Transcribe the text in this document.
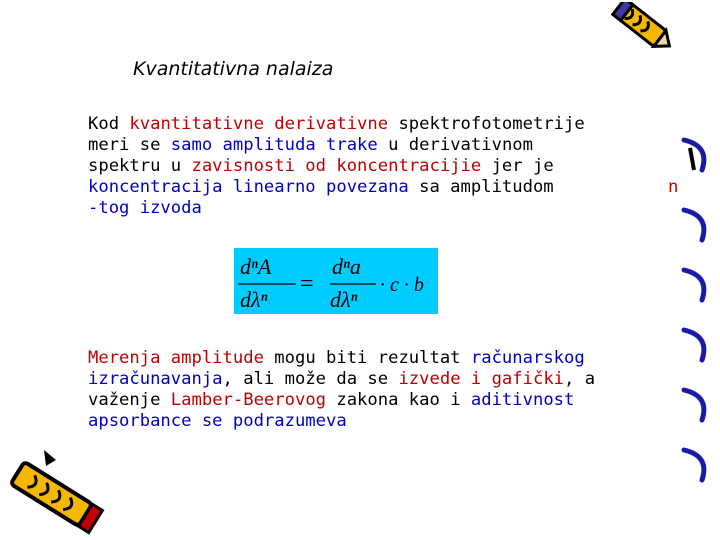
Kvantitativna nalaiza
Kod kvantitativne derivativne spektrofotometrije
meri se samo amplituda trake u derivativnom
spektru u zavisnosti od koncentracijie jer je
koncentracija linearno povezana sa amplitudom
-tog izvoda
n
dⁿA
dλⁿ
=
dⁿa
dλⁿ
· c · b
Merenja amplitude mogu biti rezultat računarskog
izračunavanja, ali može da se izvede i gafički, a
važenje Lamber-Beerovog zakona kao i aditivnost
apsorbance se podrazumeva
